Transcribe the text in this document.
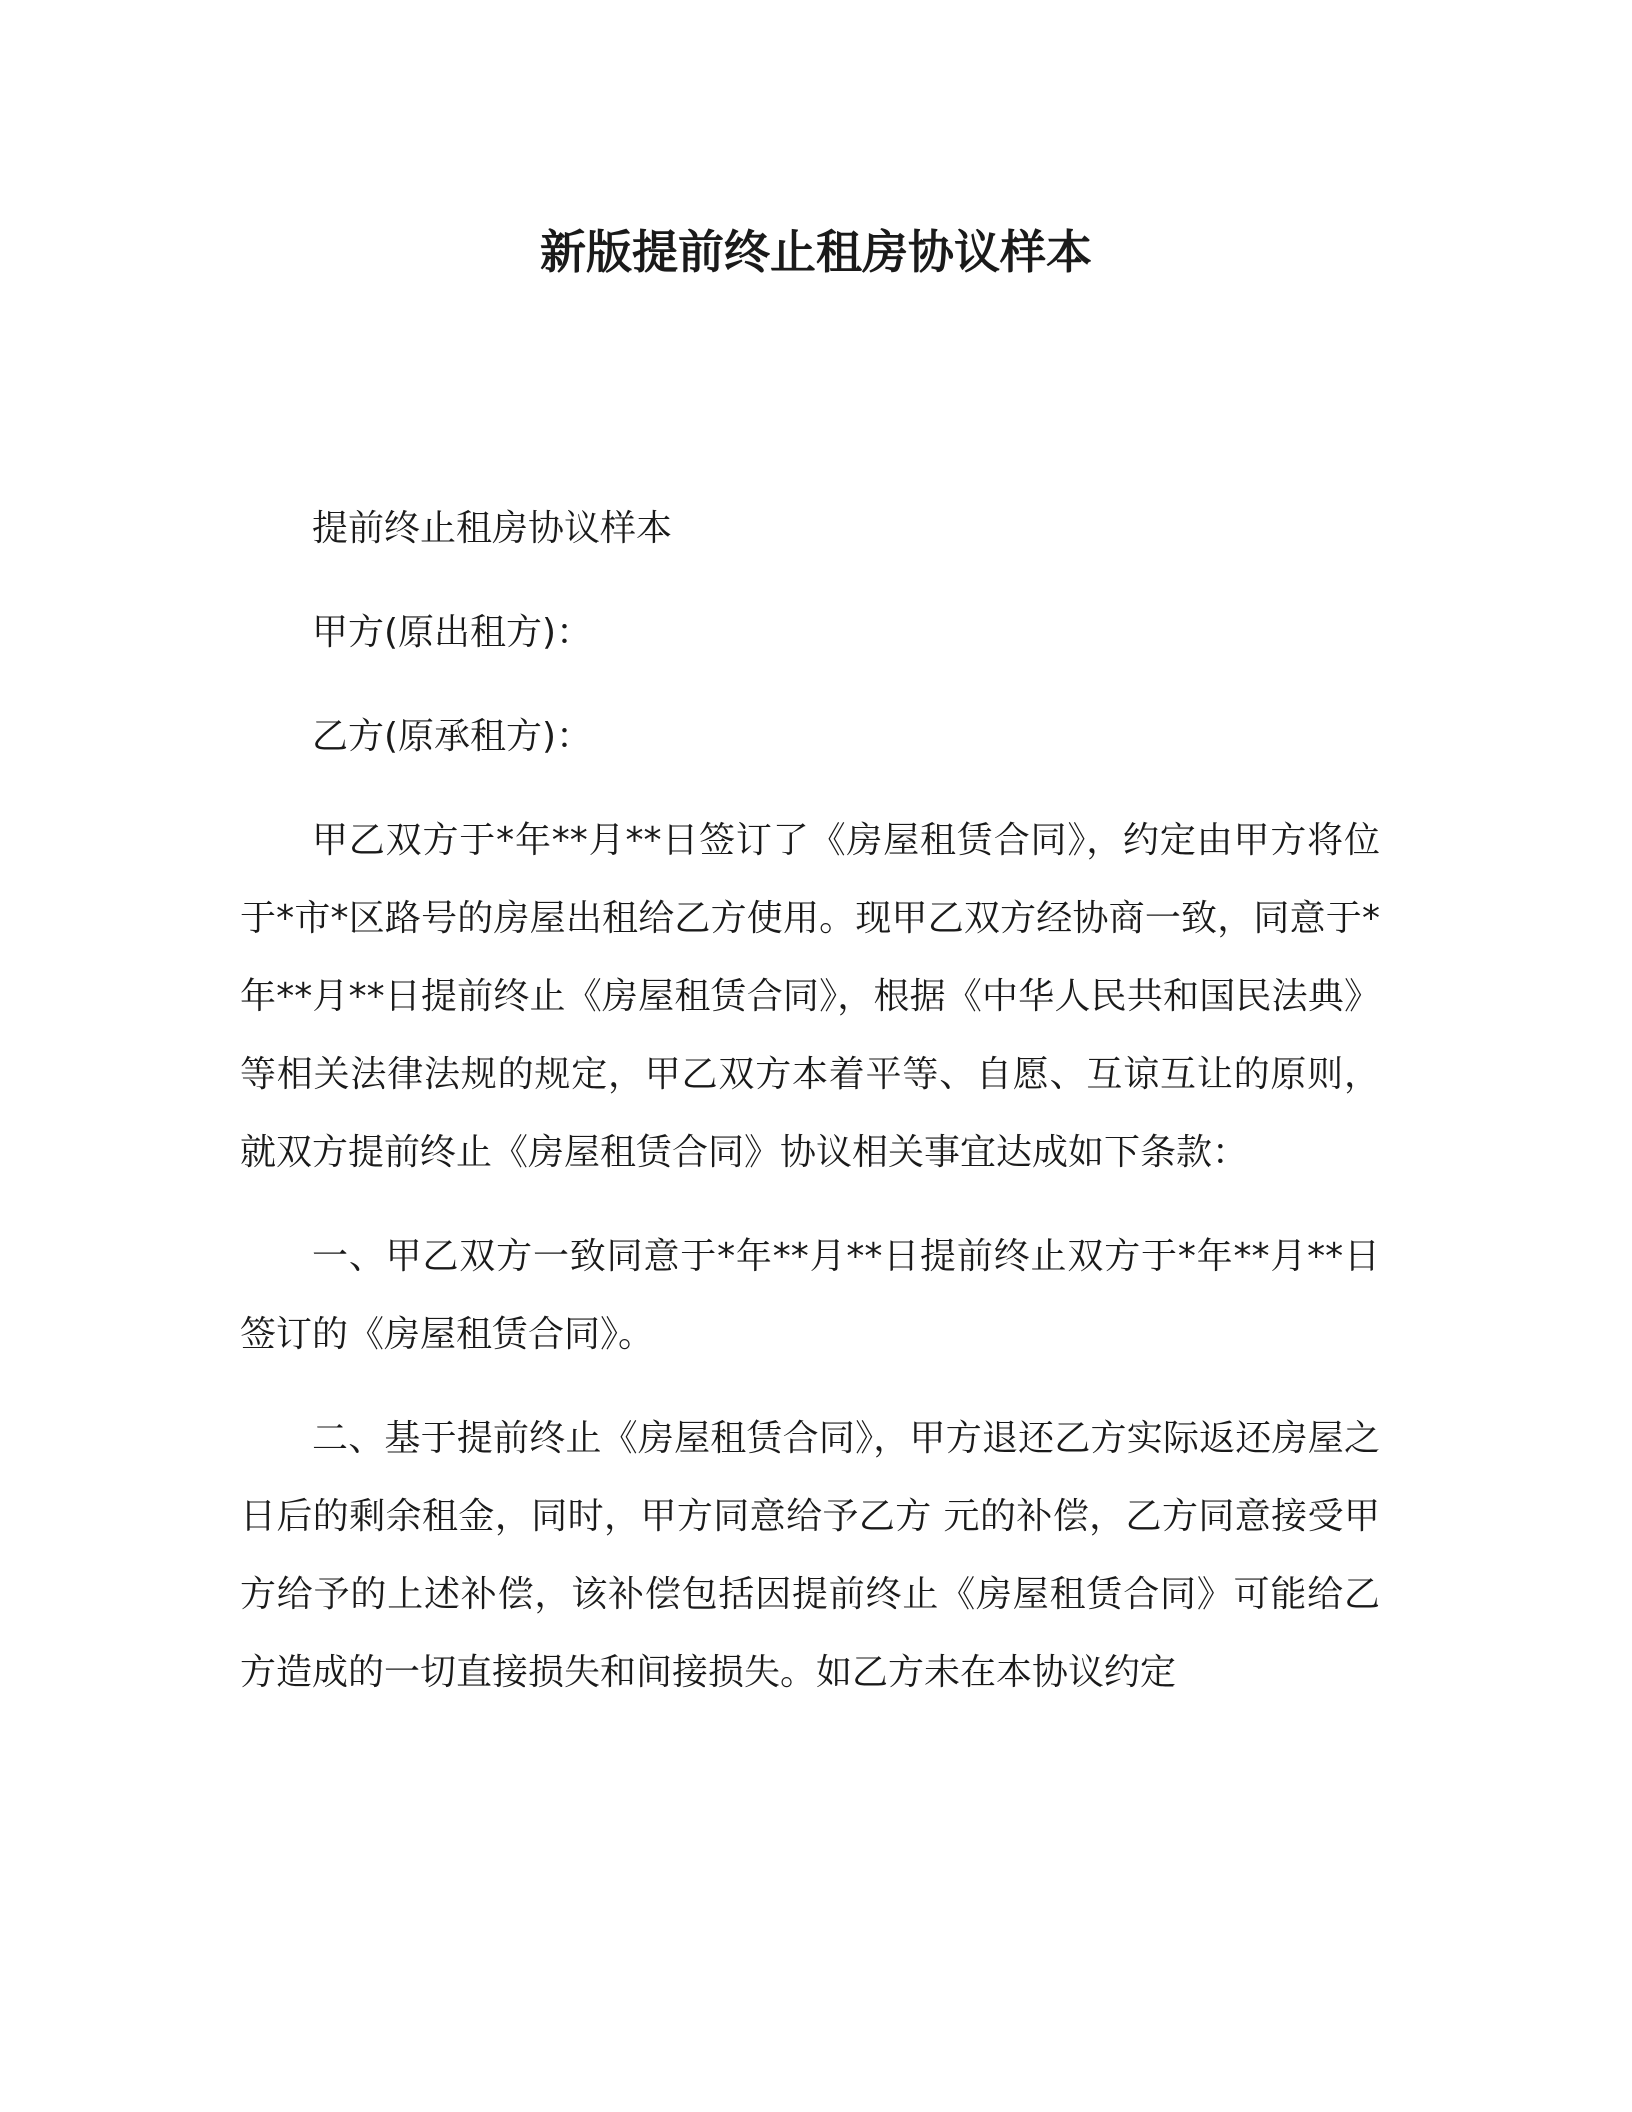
新版提前终止租房协议样本

提前终止租房协议样本

甲方(原出租方)：

乙方(原承租方)：

甲乙双方于*年**月**日签订了《房屋租赁合同》，约定由甲方将位于*市*区路号的房屋出租给乙方使用。现甲乙双方经协商一致，同意于*年**月**日提前终止《房屋租赁合同》，根据《中华人民共和国民法典》等相关法律法规的规定，甲乙双方本着平等、自愿、互谅互让的原则，就双方提前终止《房屋租赁合同》协议相关事宜达成如下条款：

一、甲乙双方一致同意于*年**月**日提前终止双方于*年**月**日签订的《房屋租赁合同》。

二、基于提前终止《房屋租赁合同》，甲方退还乙方实际返还房屋之日后的剩余租金，同时，甲方同意给予乙方 元的补偿，乙方同意接受甲方给予的上述补偿，该补偿包括因提前终止《房屋租赁合同》可能给乙方造成的一切直接损失和间接损失。如乙方未在本协议约定
